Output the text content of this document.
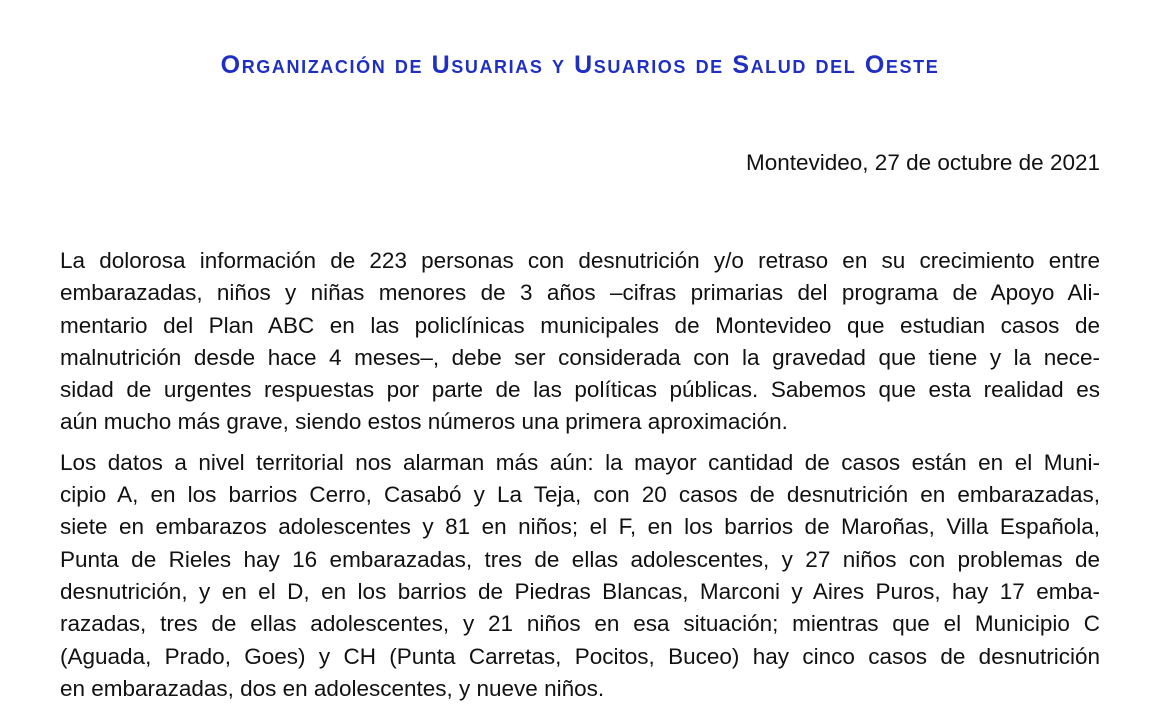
Organización de Usuarias y Usuarios de Salud del Oeste
Montevideo, 27 de octubre de 2021

La dolorosa información de 223 personas con desnutrición y/o retraso en su crecimiento entre
embarazadas, niños y niñas menores de 3 años –cifras primarias del programa de Apoyo Ali-
mentario del Plan ABC en las policlínicas municipales de Montevideo que estudian casos de
malnutrición desde hace 4 meses–, debe ser considerada con la gravedad que tiene y la nece-
sidad de urgentes respuestas por parte de las políticas públicas. Sabemos que esta realidad es
aún mucho más grave, siendo estos números una primera aproximación.

Los datos a nivel territorial nos alarman más aún: la mayor cantidad de casos están en el Muni-
cipio A, en los barrios Cerro, Casabó y La Teja, con 20 casos de desnutrición en embarazadas,
siete en embarazos adolescentes y 81 en niños; el F, en los barrios de Maroñas, Villa Española,
Punta de Rieles hay 16 embarazadas, tres de ellas adolescentes, y 27 niños con problemas de
desnutrición, y en el D, en los barrios de Piedras Blancas, Marconi y Aires Puros, hay 17 emba-
razadas, tres de ellas adolescentes, y 21 niños en esa situación; mientras que el Municipio C
(Aguada, Prado, Goes) y CH (Punta Carretas, Pocitos, Buceo) hay cinco casos de desnutrición
en embarazadas, dos en adolescentes, y nueve niños.
